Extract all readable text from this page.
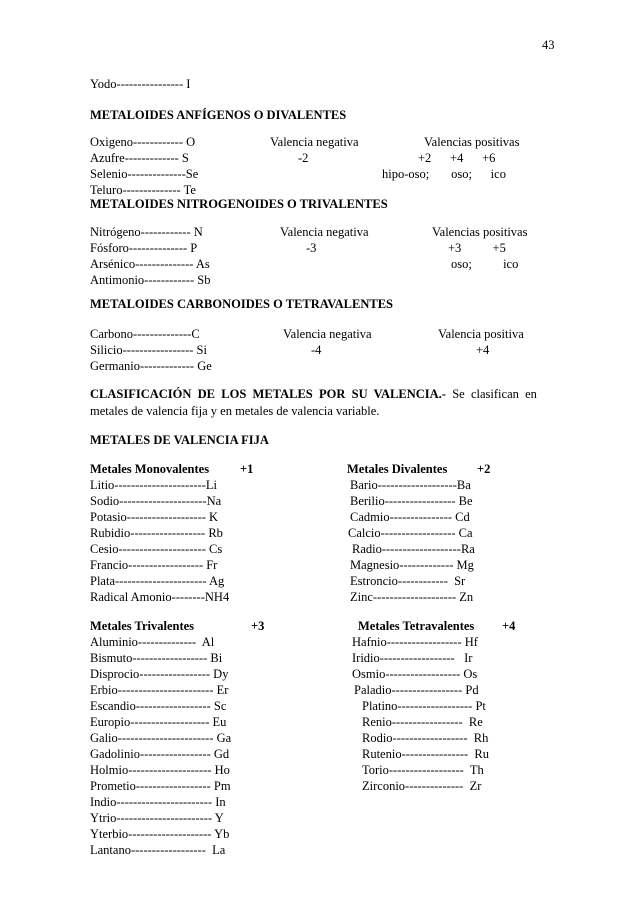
43
Yodo---------------- I
METALOIDES ANFÍGENOS O DIVALENTES
Oxigeno------------ O
Azufre------------- S
Selenio--------------Se
Teluro-------------- Te
Valencia negativa
-2
Valencias positivas
+2      +4      +6
hipo-oso;       oso;      ico
METALOIDES NITROGENOIDES O TRIVALENTES
Nitrógeno------------ N
Fósforo-------------- P
Arsénico-------------- As
Antimonio------------ Sb
Valencia negativa
-3
Valencias positivas
+3          +5
oso;          ico
METALOIDES CARBONOIDES O TETRAVALENTES
Carbono--------------C
Silicio----------------- Si
Germanio------------- Ge
Valencia negativa
-4
Valencia positiva
+4
CLASIFICACIÓN  DE  LOS  METALES  POR  SU  VALENCIA.-  Se  clasifican  en
metales de valencia fija y en metales de valencia variable.
METALES DE VALENCIA FIJA
Metales Monovalentes +1
Litio----------------------Li
Sodio---------------------Na
Potasio------------------- K
Rubidio------------------ Rb
Cesio--------------------- Cs
Francio------------------ Fr
Plata---------------------- Ag
Radical Amonio--------NH4
Metales Divalentes +2
Bario-------------------Ba
Berilio----------------- Be
Cadmio--------------- Cd
Calcio------------------ Ca
Radio-------------------Ra
Magnesio------------- Mg
Estroncio------------  Sr
Zinc-------------------- Zn
Metales Trivalentes	+3
Aluminio--------------  Al
Bismuto------------------ Bi
Disprocio----------------- Dy
Erbio----------------------- Er
Escandio------------------ Sc
Europio------------------- Eu
Galio----------------------- Ga
Gadolinio----------------- Gd
Holmio-------------------- Ho
Prometio------------------ Pm
Indio----------------------- In
Ytrio----------------------- Y
Yterbio-------------------- Yb
Lantano------------------  La
Metales Tetravalentes +4
Hafnio------------------ Hf
Iridio------------------   Ir
Osmio------------------ Os
Paladio----------------- Pd
Platino------------------ Pt
Renio-----------------  Re
Rodio------------------  Rh
Rutenio----------------  Ru
Torio------------------  Th
Zirconio--------------  Zr
